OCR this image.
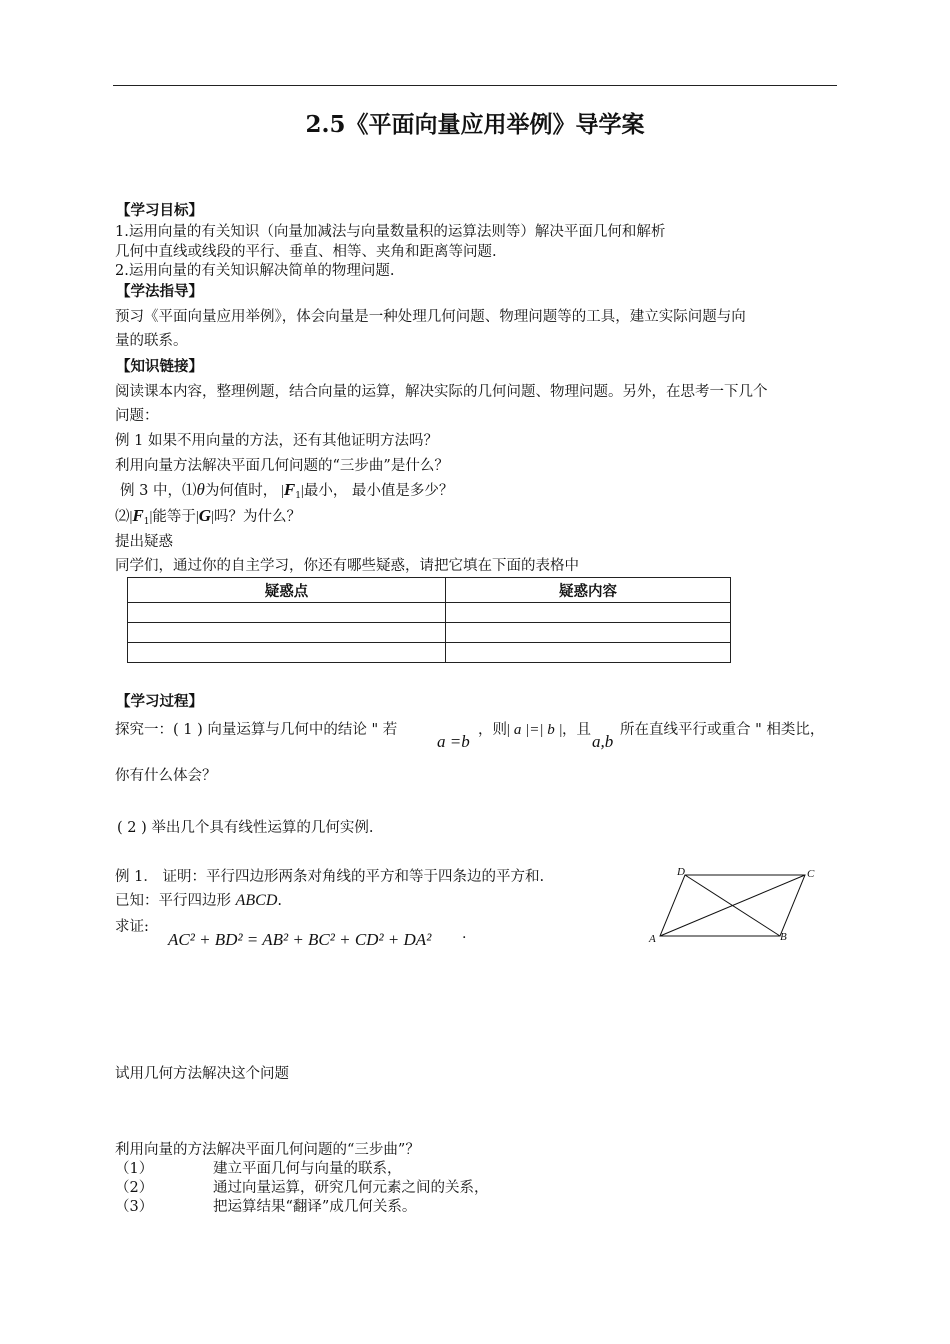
2.5《平面向量应用举例》导学案
【学习目标】
1.运用向量的有关知识（向量加减法与向量数量积的运算法则等）解决平面几何和解析
几何中直线或线段的平行、垂直、相等、夹角和距离等问题.
2.运用向量的有关知识解决简单的物理问题.
【学法指导】
预习《平面向量应用举例》，体会向量是一种处理几何问题、物理问题等的工具，建立实际问题与向
量的联系。
【知识链接】
阅读课本内容，整理例题，结合向量的运算，解决实际的几何问题、物理问题。另外，在思考一下几个
问题：
例 1 如果不用向量的方法，还有其他证明方法吗？
利用向量方法解决平面几何问题的“三步曲”是什么？
例 3 中，⑴θ为何值时， $|F_1|$最小， 最小值是多少？
$⑵|F_1|$能等于|G|吗？为什么？
提出疑惑
同学们，通过你的自主学习，你还有哪些疑惑，请把它填在下面的表格中
疑惑点	疑惑内容

【学习过程】
探究一：( 1 ) 向量运算与几何中的结论 " 若
a =b
，则 | a |=| b | ，且
a,b
所在直线平行或重合 " 相类比，
你有什么体会？
( 2 ) 举出几个具有线性运算的几何实例.
例 1． 证明：平行四边形两条对角线的平方和等于四条边的平方和.
已知：平行四边形 ABCD.
求证:
AC² + BD² = AB² + BC² + CD² + DA² .
D	C
A	B
试用几何方法解决这个问题
利用向量的方法解决平面几何问题的“三步曲”？
（1）	建立平面几何与向量的联系，
（2）	通过向量运算，研究几何元素之间的关系，
（3）	把运算结果“翻译”成几何关系。
